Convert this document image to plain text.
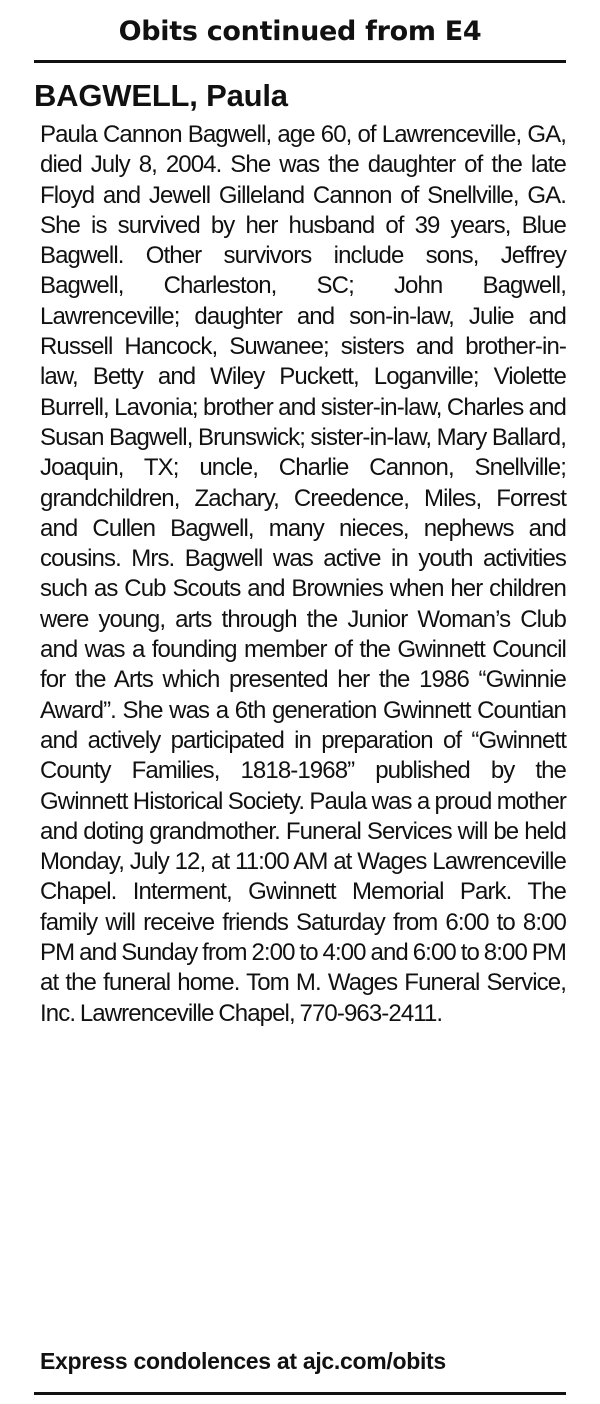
Obits continued from E4
BAGWELL, Paula
Paula Cannon Bagwell, age 60, of Lawrenceville, GA, died July 8, 2004. She was the daughter of the late Floyd and Jewell Gilleland Cannon of Snellville, GA. She is survived by her husband of 39 years, Blue Bagwell. Other survivors include sons, Jeffrey Bagwell, Charleston, SC; John Bagwell, Lawrenceville; daughter and son-in-law, Julie and Russell Hancock, Suwanee; sisters and brother-in-law, Betty and Wiley Puckett, Loganville; Violette Burrell, Lavonia; brother and sister-in-law, Charles and Susan Bagwell, Brunswick; sister-in-law, Mary Ballard, Joaquin, TX; uncle, Charlie Cannon, Snellville; grandchildren, Zachary, Creedence, Miles, Forrest and Cullen Bagwell, many nieces, nephews and cousins. Mrs. Bagwell was active in youth activities such as Cub Scouts and Brownies when her children were young, arts through the Junior Woman’s Club and was a founding member of the Gwinnett Council for the Arts which presented her the 1986 “Gwinnie Award”. She was a 6th generation Gwinnett Countian and actively participated in preparation of “Gwinnett County Families, 1818-1968” published by the Gwinnett Historical Society. Paula was a proud mother and doting grandmother. Funeral Services will be held Monday, July 12, at 11:00 AM at Wages Lawrenceville Chapel. Interment, Gwinnett Memorial Park. The family will receive friends Saturday from 6:00 to 8:00 PM and Sunday from 2:00 to 4:00 and 6:00 to 8:00 PM at the funeral home. Tom M. Wages Funeral Service, Inc. Lawrenceville Chapel, 770-963-2411.
Express condolences at ajc.com/obits
